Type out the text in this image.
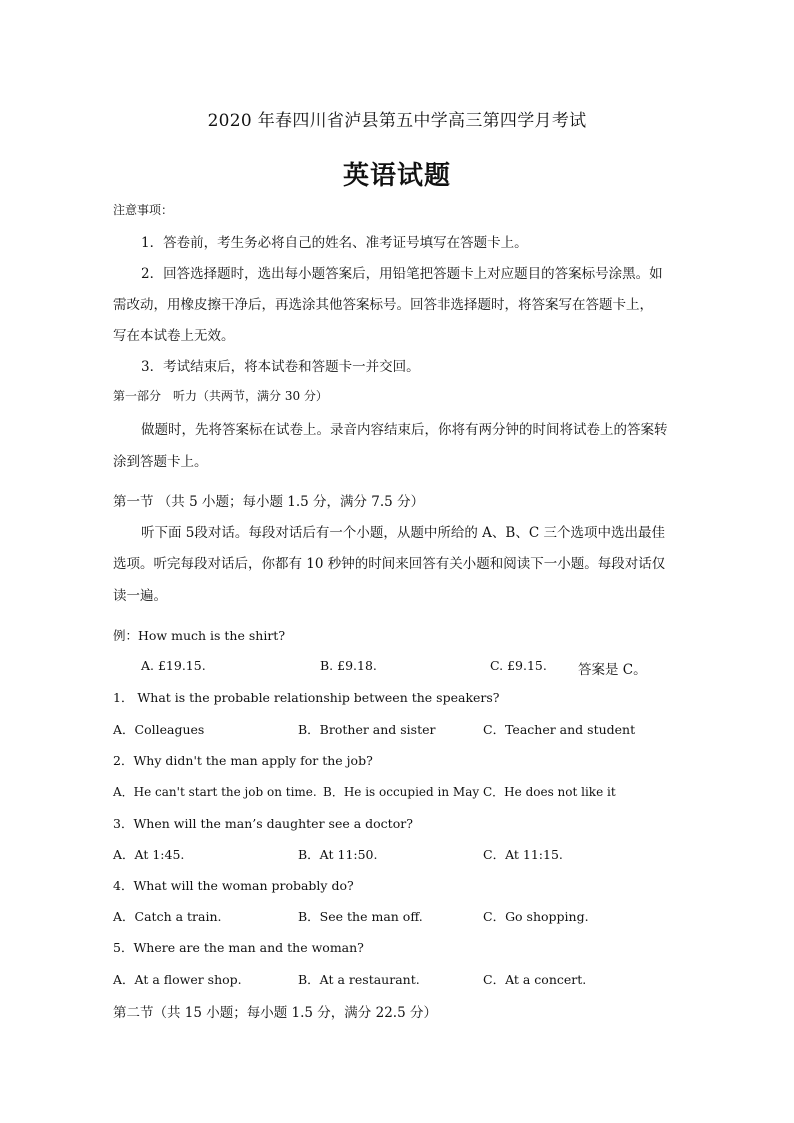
2020 年春四川省泸县第五中学高三第四学月考试
英语试题
注意事项：
1．答卷前，考生务必将自己的姓名、准考证号填写在答题卡上。
2．回答选择题时，选出每小题答案后，用铅笔把答题卡上对应题目的答案标号涂黑。如
需改动，用橡皮擦干净后，再选涂其他答案标号。回答非选择题时，将答案写在答题卡上，
写在本试卷上无效。
3．考试结束后，将本试卷和答题卡一并交回。
第一部分　听力（共两节，满分 30 分）
做题时，先将答案标在试卷上。录音内容结束后，你将有两分钟的时间将试卷上的答案转
涂到答题卡上。
第一节 （共 5 小题；每小题 1.5 分，满分 7.5 分）
听下面 5段对话。每段对话后有一个小题，从题中所给的 A、B、C 三个选项中选出最佳
选项。听完每段对话后，你都有 10 秒钟的时间来回答有关小题和阅读下一小题。每段对话仅
读一遍。
例：How much is the shirt?
A. £19.15.	B. £9.18.	C. £9.15. 答案是 C。
1． What is the probable relationship between the speakers?
A．Colleagues	B．Brother and sister	C．Teacher and student
2．Why didn't the man apply for the job?
A．He can't start the job on time. B．He is occupied in May C．He does not like it
3．When will the man’s daughter see a doctor?
A．At 1:45.	B．At 11:50.	C．At 11:15.
4．What will the woman probably do?
A．Catch a train.	B．See the man off.	C．Go shopping.
5．Where are the man and the woman?
A．At a flower shop.	B．At a restaurant.	C．At a concert.
第二节（共 15 小题；每小题 1.5 分，满分 22.5 分）
